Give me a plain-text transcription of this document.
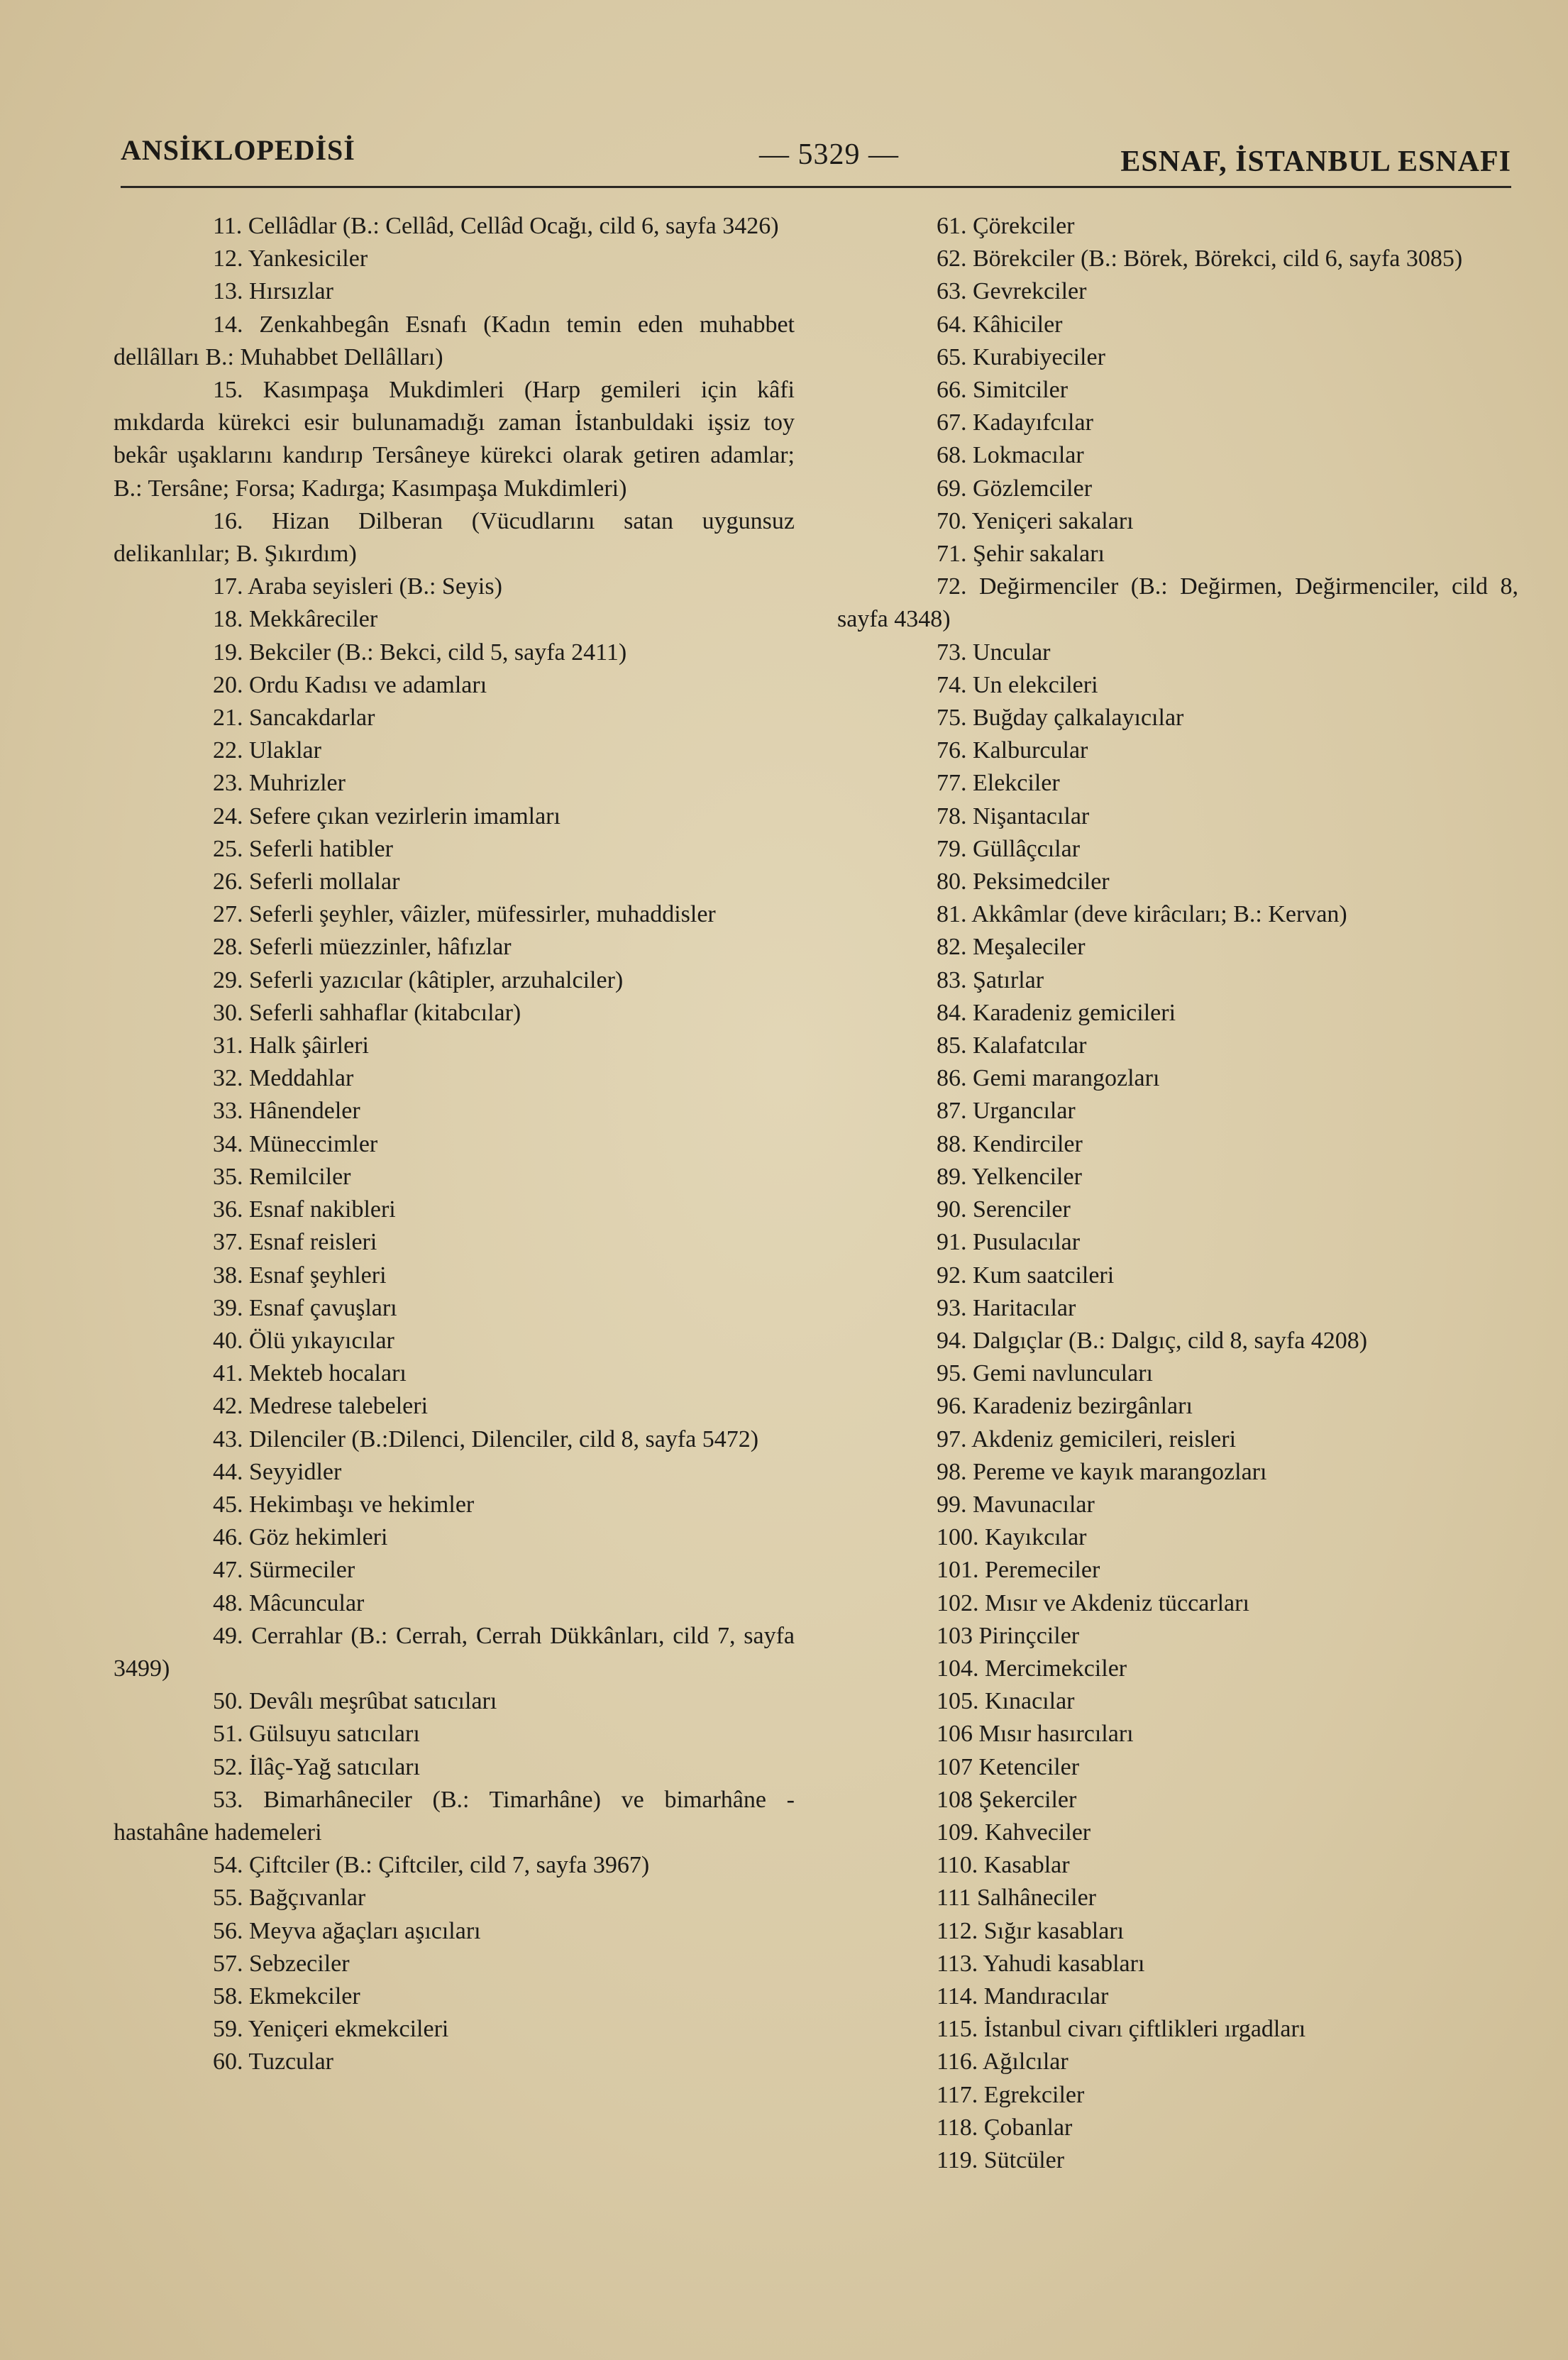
ANSİKLOPEDİSİ	— 5329 —	ESNAF, İSTANBUL ESNAFI

11. Cellâdlar (B.: Cellâd, Cellâd Ocağı, cild 6, sayfa 3426)

12. Yankesiciler

13. Hırsızlar

14. Zenkahbegân Esnafı (Kadın temin eden muhabbet dellâlları B.: Muhabbet Dellâlları)

15. Kasımpaşa Mukdimleri (Harp gemileri için kâfi mıkdarda kürekci esir bulunamadığı zaman İstanbuldaki işsiz toy bekâr uşaklarını kandırıp Tersâneye kürekci olarak getiren adamlar; B.: Tersâne; Forsa; Kadırga; Kasımpaşa Mukdimleri)

16. Hizan Dilberan (Vücudlarını satan uygunsuz delikanlılar; B. Şıkırdım)

17. Araba seyisleri (B.: Seyis)

18. Mekkâreciler

19. Bekciler (B.: Bekci, cild 5, sayfa 2411)

20. Ordu Kadısı ve adamları

21. Sancakdarlar

22. Ulaklar

23. Muhrizler

24. Sefere çıkan vezirlerin imamları

25. Seferli hatibler

26. Seferli mollalar

27. Seferli şeyhler, vâizler, müfessirler, muhaddisler

28. Seferli müezzinler, hâfızlar

29. Seferli yazıcılar (kâtipler, arzuhalciler)

30. Seferli sahhaflar (kitabcılar)

31. Halk şâirleri

32. Meddahlar

33. Hânendeler

34. Müneccimler

35. Remilciler

36. Esnaf nakibleri

37. Esnaf reisleri

38. Esnaf şeyhleri

39. Esnaf çavuşları

40. Ölü yıkayıcılar

41. Mekteb hocaları

42. Medrese talebeleri

43. Dilenciler (B.:Dilenci, Dilenciler, cild 8, sayfa 5472)

44. Seyyidler

45. Hekimbaşı ve hekimler

46. Göz hekimleri

47. Sürmeciler

48. Mâcuncular

49. Cerrahlar (B.: Cerrah, Cerrah Dükkânları, cild 7, sayfa 3499)

50. Devâlı meşrûbat satıcıları

51. Gülsuyu satıcıları

52. İlâç-Yağ satıcıları

53. Bimarhâneciler (B.: Timarhâne) ve bimarhâne - hastahâne hademeleri

54. Çiftciler (B.: Çiftciler, cild 7, sayfa 3967)

55. Bağçıvanlar

56. Meyva ağaçları aşıcıları

57. Sebzeciler

58. Ekmekciler

59. Yeniçeri ekmekcileri

60. Tuzcular

61. Çörekciler

62. Börekciler (B.: Börek, Börekci, cild 6, sayfa 3085)

63. Gevrekciler

64. Kâhiciler

65. Kurabiyeciler

66. Simitciler

67. Kadayıfcılar

68. Lokmacılar

69. Gözlemciler

70. Yeniçeri sakaları

71. Şehir sakaları

72. Değirmenciler (B.: Değirmen, Değirmenciler, cild 8, sayfa 4348)

73. Uncular

74. Un elekcileri

75. Buğday çalkalayıcılar

76. Kalburcular

77. Elekciler

78. Nişantacılar

79. Güllâçcılar

80. Peksimedciler

81. Akkâmlar (deve kirâcıları; B.: Kervan)

82. Meşaleciler

83. Şatırlar

84. Karadeniz gemicileri

85. Kalafatcılar

86. Gemi marangozları

87. Urgancılar

88. Kendirciler

89. Yelkenciler

90. Serenciler

91. Pusulacılar

92. Kum saatcileri

93. Haritacılar

94. Dalgıçlar (B.: Dalgıç, cild 8, sayfa 4208)

95. Gemi navluncuları

96. Karadeniz bezirgânları

97. Akdeniz gemicileri, reisleri

98. Pereme ve kayık marangozları

99. Mavunacılar

100. Kayıkcılar

101. Peremeciler

102. Mısır ve Akdeniz tüccarları

103 Pirinçciler

104. Mercimekciler

105. Kınacılar

106 Mısır hasırcıları

107 Ketenciler

108 Şekerciler

109. Kahveciler

110. Kasablar

111 Salhâneciler

112. Sığır kasabları

113. Yahudi kasabları

114. Mandıracılar

115. İstanbul civarı çiftlikleri ırgadları

116. Ağılcılar

117. Egrekciler

118. Çobanlar

119. Sütcüler
